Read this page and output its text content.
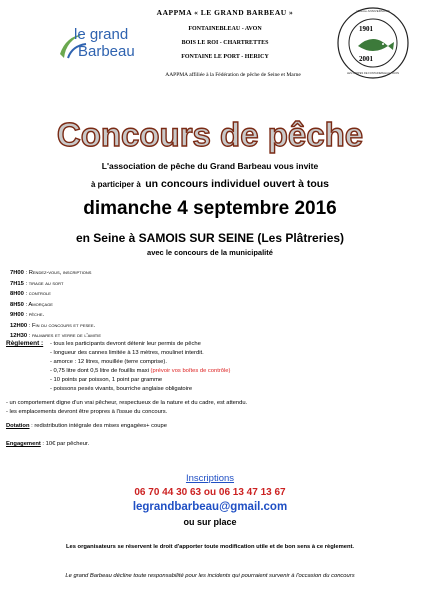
le grand
Barbeau
AAPPMA « LE GRAND BARBEAU »
FONTAINEBLEAU - AVON
BOIS LE ROI - CHARTRETTES
FONTAINE LE PORT - HERICY
AAPPMA affiliée à la Fédération de pêche de Seine et Marne
1901
2001
100ème ANNIVERSAIRE
LES CARPES DE FONTAINEBLEAU - AVON
Concours de pêche
L'association de pêche du Grand Barbeau vous invite
à participer à un concours individuel ouvert à tous
dimanche 4 septembre 2016
en Seine à SAMOIS SUR SEINE (Les Plâtreries)
avec le concours de la municipalité
7H00 : Rendez-vous, inscriptions
7H15 : tirage au sort
8H00 : controle
8H50 : Amorçage
9H00 : pêche.
12H00 : Fin du concours et pesee.
12H30 : palmares et verre de l'amitie
Règlement : - tous les participants devront détenir leur permis de pêche
- longueur des cannes limitée à 13 mètres, moulinet interdit.
- amorce : 12 litres, mouillée (terre comprise).
- 0,75 litre dont 0,5 litre de fouillis maxi (prévoir vos boîtes de contrôle)
- 10 points par poisson, 1 point par gramme
- poissons pesés vivants, bourriche anglaise obligatoire
- un comportement digne d'un vrai pêcheur, respectueux de la nature et du cadre, est attendu.
- les emplacements devront être propres à l'issue du concours.
Dotation : redistribution intégrale des mises engagées+ coupe
Engagement : 10€ par pêcheur.
Inscriptions
06 70 44 30 63 ou 06 13 47 13 67
legrandbarbeau@gmail.com
ou sur place
Les organisateurs se réservent le droit d'apporter toute modification utile et de bon sens à ce règlement.
Le grand Barbeau décline toute responsabilité pour les incidents qui pourraient survenir à l'occasion du concours
